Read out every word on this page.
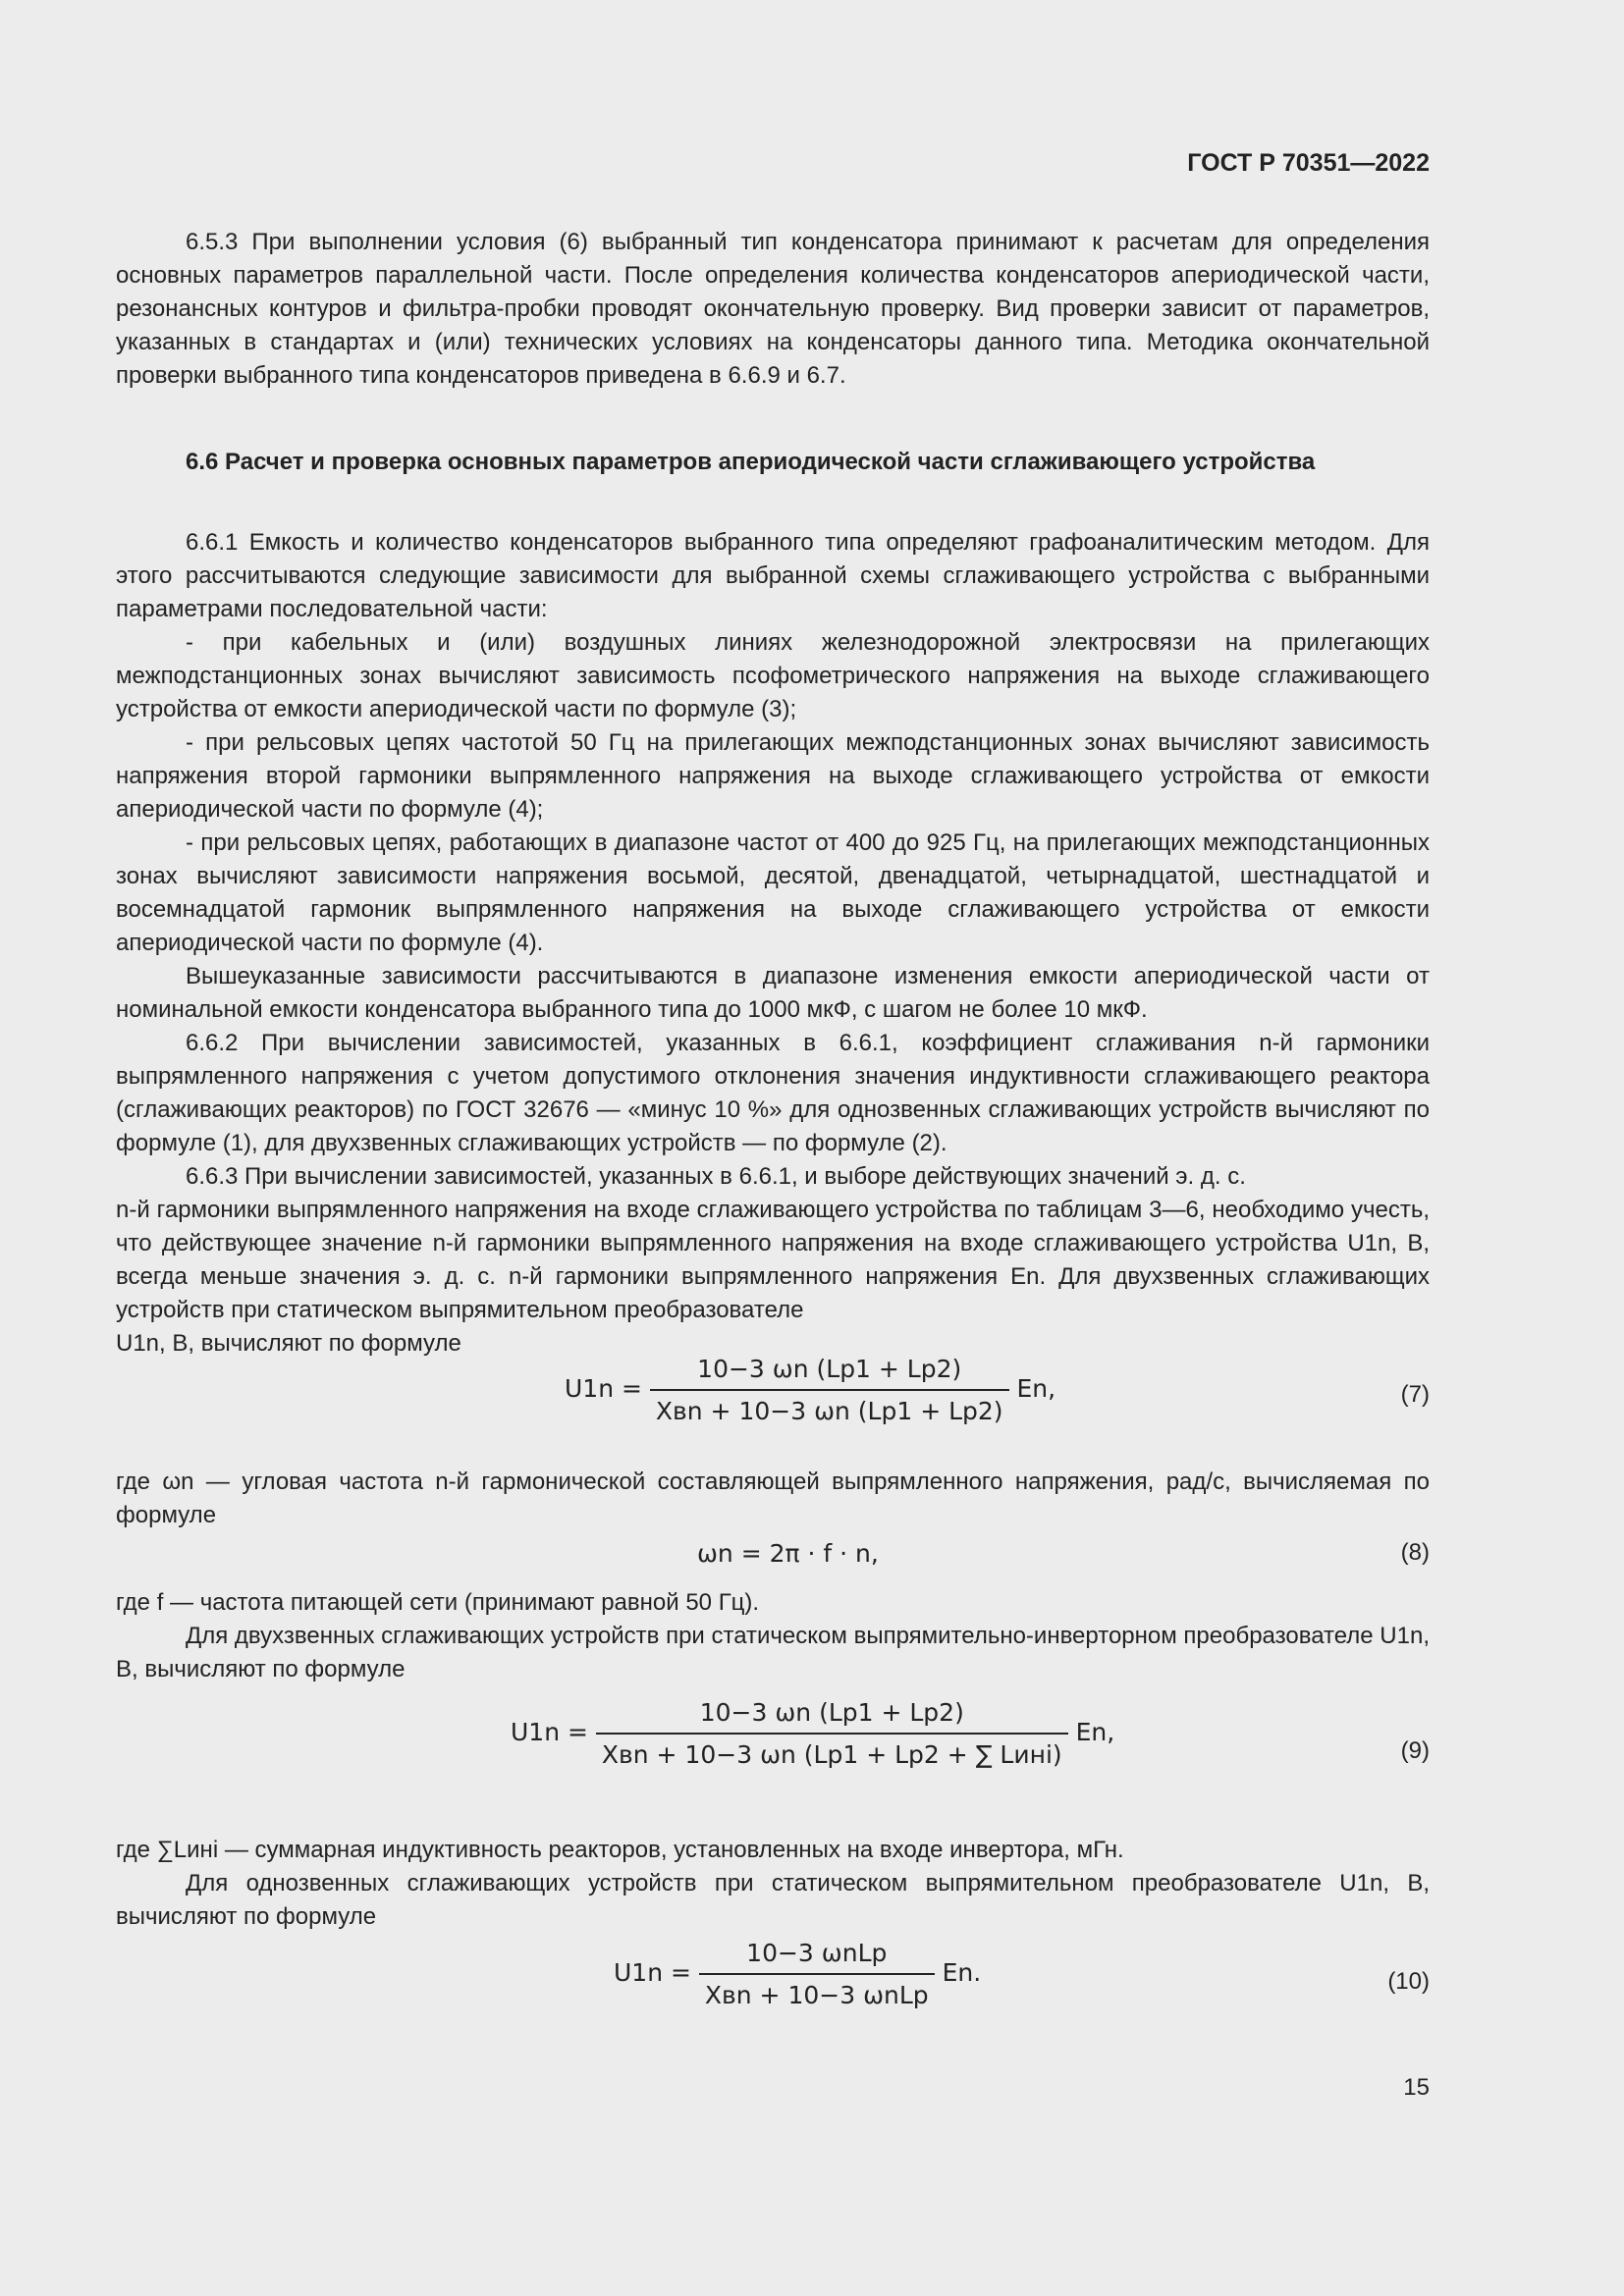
ГОСТ Р 70351—2022
6.5.3 При выполнении условия (6) выбранный тип конденсатора принимают к расчетам для определения основных параметров параллельной части. После определения количества конденсаторов апериодической части, резонансных контуров и фильтра-пробки проводят окончательную проверку. Вид проверки зависит от параметров, указанных в стандартах и (или) технических условиях на конденсаторы данного типа. Методика окончательной проверки выбранного типа конденсаторов приведена в 6.6.9 и 6.7.
6.6 Расчет и проверка основных параметров апериодической части сглаживающего устройства
6.6.1 Емкость и количество конденсаторов выбранного типа определяют графоаналитическим методом. Для этого рассчитываются следующие зависимости для выбранной схемы сглаживающего устройства с выбранными параметрами последовательной части:
- при кабельных и (или) воздушных линиях железнодорожной электросвязи на прилегающих межподстанционных зонах вычисляют зависимость псофометрического напряжения на выходе сглаживающего устройства от емкости апериодической части по формуле (3);
- при рельсовых цепях частотой 50 Гц на прилегающих межподстанционных зонах вычисляют зависимость напряжения второй гармоники выпрямленного напряжения на выходе сглаживающего устройства от емкости апериодической части по формуле (4);
- при рельсовых цепях, работающих в диапазоне частот от 400 до 925 Гц, на прилегающих межподстанционных зонах вычисляют зависимости напряжения восьмой, десятой, двенадцатой, четырнадцатой, шестнадцатой и восемнадцатой гармоник выпрямленного напряжения на выходе сглаживающего устройства от емкости апериодической части по формуле (4).
Вышеуказанные зависимости рассчитываются в диапазоне изменения емкости апериодической части от номинальной емкости конденсатора выбранного типа до 1000 мкФ, с шагом не более 10 мкФ.
6.6.2 При вычислении зависимостей, указанных в 6.6.1, коэффициент сглаживания n-й гармоники выпрямленного напряжения с учетом допустимого отклонения значения индуктивности сглаживающего реактора (сглаживающих реакторов) по ГОСТ 32676 — «минус 10 %» для однозвенных сглаживающих устройств вычисляют по формуле (1), для двухзвенных сглаживающих устройств — по формуле (2).
6.6.3 При вычислении зависимостей, указанных в 6.6.1, и выборе действующих значений э. д. с.
n-й гармоники выпрямленного напряжения на входе сглаживающего устройства по таблицам 3—6, необходимо учесть, что действующее значение n-й гармоники выпрямленного напряжения на входе сглаживающего устройства U1n, В, всегда меньше значения э. д. с. n-й гармоники выпрямленного напряжения En. Для двухзвенных сглаживающих устройств при статическом выпрямительном преобразователе
U1n, В, вычисляют по формуле
$U1n = \frac{10-3 \omega n (Lp1 + Lp2)}{\text{Xвn + 10−3 ωn (Lp1 + Lp2)}} En$,	(7)
где ωn — угловая частота n-й гармонической составляющей выпрямленного напряжения, рад/с, вычисляемая по формуле
ωn = 2π · f · n,	(8)
где f — частота питающей сети (принимают равной 50 Гц).
Для двухзвенных сглаживающих устройств при статическом выпрямительно-инверторном преобразователе U1n, В, вычисляют по формуле
$U1n = \frac{10-3 \omega n (Lp1 + Lp2)}{\text{Xвn + 10−3 ωn (Lp1 + Lp2 + ∑ Lинi)}} En$,
(9)
где ∑Lинi — суммарная индуктивность реакторов, установленных на входе инвертора, мГн.
Для однозвенных сглаживающих устройств при статическом выпрямительном преобразователе U1n, В, вычисляют по формуле
$U1n = \frac{\text{10−3 ωnLp}}{\text{Xвn + 10−3 ωnLp}} En$.	(10)
15
